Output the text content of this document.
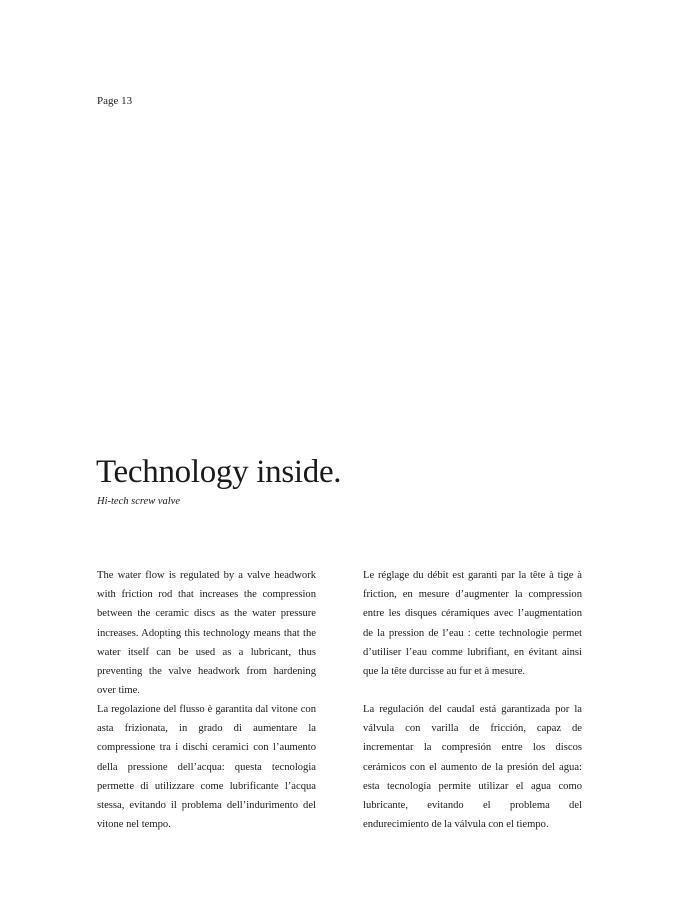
Page 13
Technology inside.
Hi-tech screw valve

The water flow is regulated by a valve headwork with friction rod that increases the compression between the ceramic discs as the water pressure increases. Adopting this technology means that the water itself can be used as a lubricant, thus preventing the valve headwork from hardening over time.

Le réglage du débit est garanti par la tête à tige à friction, en mesure d’augmenter la compression entre les disques céramiques avec l’augmentation de la pression de l’eau : cette technologie permet d’utiliser l’eau comme lubrifiant, en évitant ainsi que la tête durcisse au fur et à mesure.

La regolazione del flusso è garantita dal vitone con asta frizionata, in grado di aumentare la compressione tra i dischi ceramici con l’aumento della pressione dell’acqua: questa tecnologia permette di utilizzare come lubrificante l’acqua stessa, evitando il problema dell’indurimento del vitone nel tempo.

La regulación del caudal está garantizada por la válvula con varilla de fricción, capaz de incrementar la compresión entre los discos cerámicos con el aumento de la presión del agua: esta tecnología permite utilizar el agua como lubricante, evitando el problema del endurecimiento de la válvula con el tiempo.
